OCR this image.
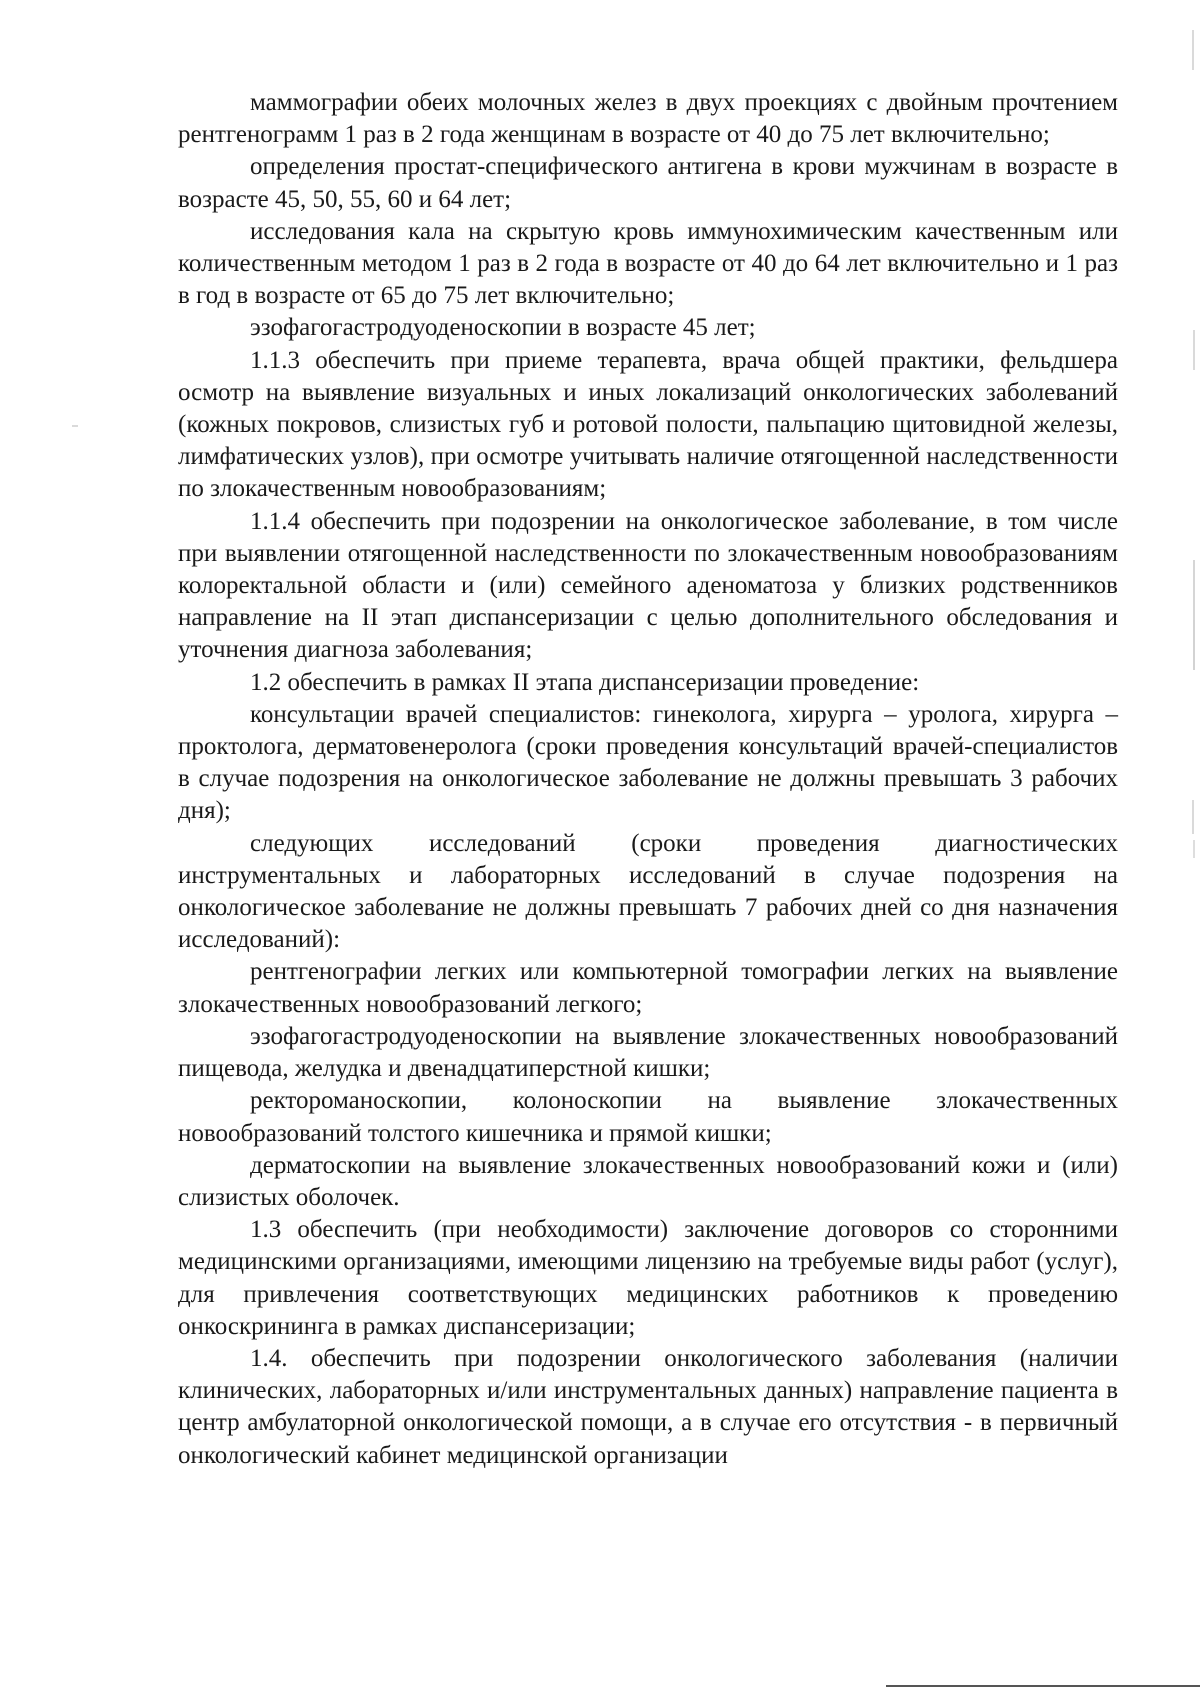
маммографии обеих молочных желез в двух проекциях с двойным прочтением рентгенограмм 1 раз в 2 года женщинам в возрасте от 40 до 75 лет включительно;

определения простат-специфического антигена в крови мужчинам в возрасте в возрасте 45, 50, 55, 60 и 64 лет;

исследования кала на скрытую кровь иммунохимическим качественным или количественным методом 1 раз в 2 года в возрасте от 40 до 64 лет включительно и 1 раз в год в возрасте от 65 до 75 лет включительно;

эзофагогастродуоденоскопии в возрасте 45 лет;

1.1.3 обеспечить при приеме терапевта, врача общей практики, фельдшера осмотр на выявление визуальных и иных локализаций онкологических заболеваний (кожных покровов, слизистых губ и ротовой полости, пальпацию щитовидной железы, лимфатических узлов), при осмотре учитывать наличие отягощенной наследственности по злокачественным новообразованиям;

1.1.4 обеспечить при подозрении на онкологическое заболевание, в том числе при выявлении отягощенной наследственности по злокачественным новообразованиям колоректальной области и (или) семейного аденоматоза у близких родственников направление на II этап диспансеризации с целью дополнительного обследования и уточнения диагноза заболевания;

1.2 обеспечить в рамках II этапа диспансеризации проведение:

консультации врачей специалистов: гинеколога, хирурга – уролога, хирурга – проктолога, дерматовенеролога (сроки проведения консультаций врачей-специалистов в случае подозрения на онкологическое заболевание не должны превышать 3 рабочих дня);

следующих исследований (сроки проведения диагностических инструментальных и лабораторных исследований в случае подозрения на онкологическое заболевание не должны превышать 7 рабочих дней со дня назначения исследований):

рентгенографии легких или компьютерной томографии легких на выявление злокачественных новообразований легкого;

эзофагогастродуоденоскопии на выявление злокачественных новообразований пищевода, желудка и двенадцатиперстной кишки;

ректороманоскопии, колоноскопии на выявление злокачественных новообразований толстого кишечника и прямой кишки;

дерматоскопии на выявление злокачественных новообразований кожи и (или) слизистых оболочек.

1.3 обеспечить (при необходимости) заключение договоров со сторонними медицинскими организациями, имеющими лицензию на требуемые виды работ (услуг), для привлечения соответствующих медицинских работников к проведению онкоскрининга в рамках диспансеризации;

1.4. обеспечить при подозрении онкологического заболевания (наличии клинических, лабораторных и/или инструментальных данных) направление пациента в центр амбулаторной онкологической помощи, а в случае его отсутствия - в первичный онкологический кабинет медицинской организации
